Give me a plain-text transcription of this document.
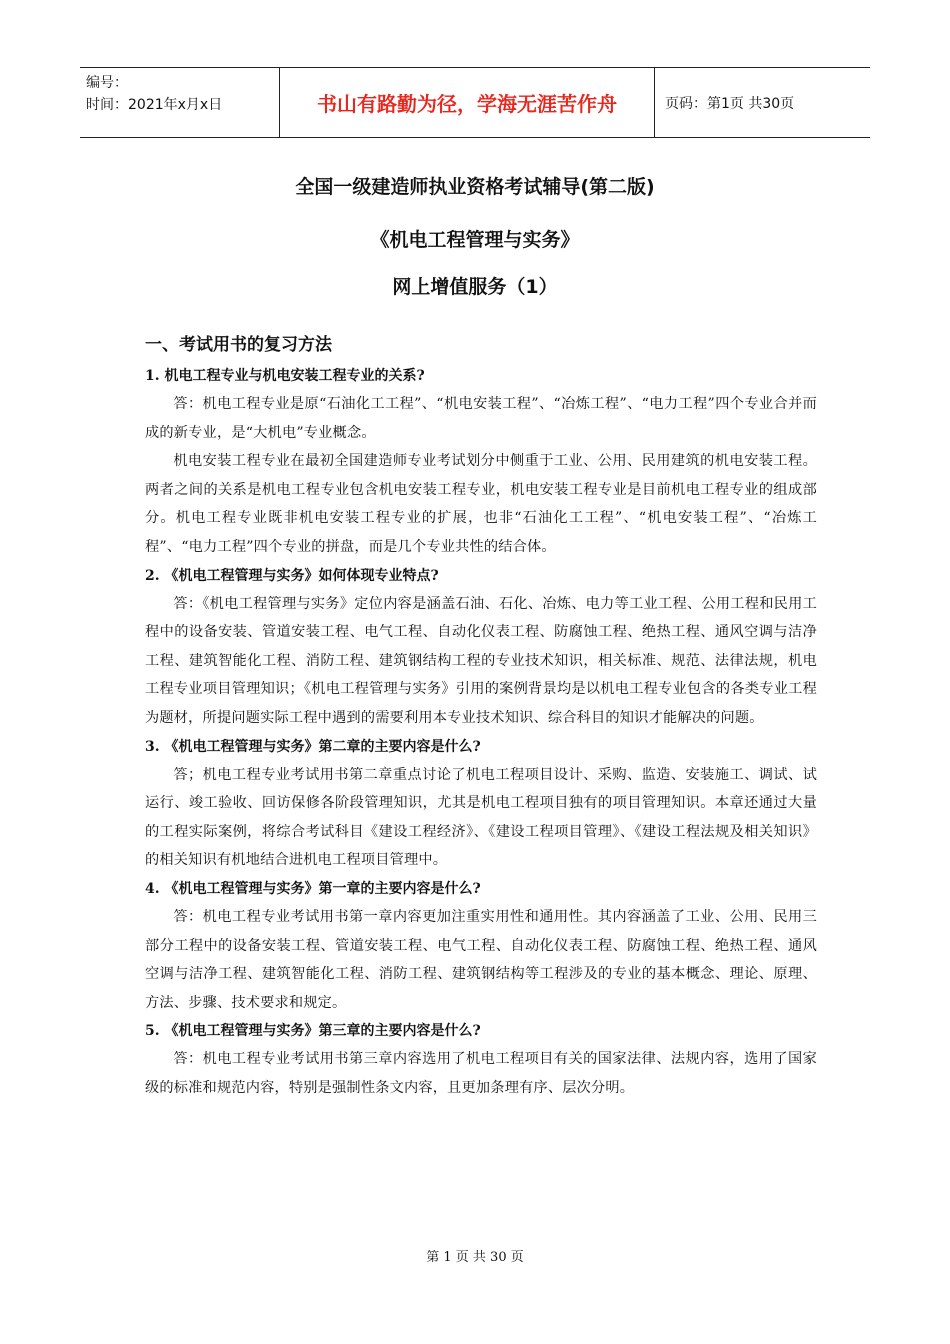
编号：
时间：2021年x月x日	书山有路勤为径，学海无涯苦作舟	页码：第1页 共30页
全国一级建造师执业资格考试辅导(第二版)
《机电工程管理与实务》
网上增值服务（1）
一、考试用书的复习方法
1. 机电工程专业与机电安装工程专业的关系?
答：机电工程专业是原“石油化工工程”、“机电安装工程”、“冶炼工程”、“电力工程”四个专业合并而成的新专业，是“大机电”专业概念。
机电安装工程专业在最初全国建造师专业考试划分中侧重于工业、公用、民用建筑的机电安装工程。两者之间的关系是机电工程专业包含机电安装工程专业，机电安装工程专业是目前机电工程专业的组成部分。机电工程专业既非机电安装工程专业的扩展，也非“石油化工工程”、“机电安装工程”、“冶炼工程”、“电力工程”四个专业的拼盘，而是几个专业共性的结合体。
2. 《机电工程管理与实务》如何体现专业特点?
答：《机电工程管理与实务》定位内容是涵盖石油、石化、冶炼、电力等工业工程、公用工程和民用工程中的设备安装、管道安装工程、电气工程、自动化仪表工程、防腐蚀工程、绝热工程、通风空调与洁净工程、建筑智能化工程、消防工程、建筑钢结构工程的专业技术知识，相关标准、规范、法律法规，机电工程专业项目管理知识；《机电工程管理与实务》引用的案例背景均是以机电工程专业包含的各类专业工程为题材，所提问题实际工程中遇到的需要利用本专业技术知识、综合科目的知识才能解决的问题。
3. 《机电工程管理与实务》第二章的主要内容是什么?
答；机电工程专业考试用书第二章重点讨论了机电工程项目设计、采购、监造、安装施工、调试、试运行、竣工验收、回访保修各阶段管理知识，尤其是机电工程项目独有的项目管理知识。本章还通过大量的工程实际案例，将综合考试科目《建设工程经济》、《建设工程项目管理》、《建设工程法规及相关知识》的相关知识有机地结合进机电工程项目管理中。
4. 《机电工程管理与实务》第一章的主要内容是什么?
答：机电工程专业考试用书第一章内容更加注重实用性和通用性。其内容涵盖了工业、公用、民用三部分工程中的设备安装工程、管道安装工程、电气工程、自动化仪表工程、防腐蚀工程、绝热工程、通风空调与洁净工程、建筑智能化工程、消防工程、建筑钢结构等工程涉及的专业的基本概念、理论、原理、方法、步骤、技术要求和规定。
5. 《机电工程管理与实务》第三章的主要内容是什么?
答：机电工程专业考试用书第三章内容选用了机电工程项目有关的国家法律、法规内容，选用了国家级的标准和规范内容，特别是强制性条文内容，且更加条理有序、层次分明。
第 1 页 共 30 页
